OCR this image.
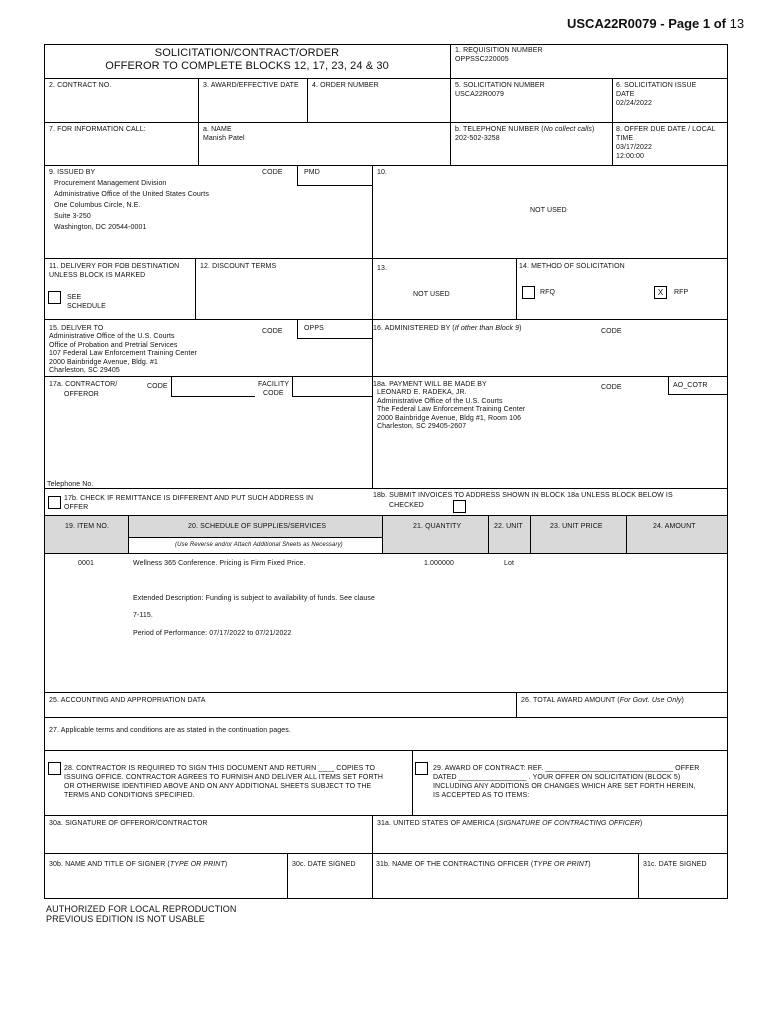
USCA22R0079 - Page 1 of 13
SOLICITATION/CONTRACT/ORDER
OFFEROR TO COMPLETE BLOCKS 12, 17, 23, 24 & 30
1. REQUISITION NUMBER
OPPSSC220005
2. CONTRACT NO.	3. AWARD/EFFECTIVE DATE 4. ORDER NUMBER	5. SOLICITATION NUMBER
USCA22R0079
6. SOLICITATION ISSUE
DATE
02/24/2022
7. FOR INFORMATION CALL:	a. NAME
Manish Patel
b. TELEPHONE NUMBER (No collect calls)
202-502-3258
8. OFFER DUE DATE / LOCAL
TIME
03/17/2022
12:00:00
9. ISSUED BY	CODE	PMD
Procurement Management Division
Administrative Office of the United States Courts
One Columbus Circle, N.E.
Suite 3-250
Washington, DC 20544-0001
10.
NOT USED
11. DELIVERY FOR FOB DESTINATION
UNLESS BLOCK IS MARKED
SEE
SCHEDULE
12. DISCOUNT TERMS	13.
NOT USED
14. METHOD OF SOLICITATION
RFQ	X	RFP
15. DELIVER TO	CODE	OPPS
Administrative Office of the U.S. Courts
Office of Probation and Pretrial Services
107 Federal Law Enforcement Training Center
2000 Bainbridge Avenue, Bldg. #1
Charleston, SC 29405
16. ADMINISTERED BY (If other than Block 9)	CODE
17a. CONTRACTOR/
OFFEROR
CODE	FACILITY
CODE
Telephone No.
17b. CHECK IF REMITTANCE IS DIFFERENT AND PUT SUCH ADDRESS IN
OFFER
18a. PAYMENT WILL BE MADE BY	CODE	AO_COTR
LEONARD E. RADEKA, JR.
Administrative Office of the U.S. Courts
The Federal Law Enforcement Training Center
2000 Bainbridge Avenue, Bldg #1, Room 106
Charleston, SC 29405-2607
18b. SUBMIT INVOICES TO ADDRESS SHOWN IN BLOCK 18a UNLESS BLOCK BELOW IS
CHECKED
19. ITEM NO.	20. SCHEDULE OF SUPPLIES/SERVICES
(Use Reverse and/or Attach Additional Sheets as Necessary)
21. QUANTITY	22. UNIT	23. UNIT PRICE	24. AMOUNT
0001	Wellness 365 Conference. Pricing is Firm Fixed Price.	1.000000	Lot
Extended Description: Funding is subject to availability of funds. See clause
7-115.
Period of Performance: 07/17/2022 to 07/21/2022
25. ACCOUNTING AND APPROPRIATION DATA	26. TOTAL AWARD AMOUNT (For Govt. Use Only)
27. Applicable terms and conditions are as stated in the continuation pages.
28. CONTRACTOR IS REQUIRED TO SIGN THIS DOCUMENT AND RETURN ____ COPIES TO
ISSUING OFFICE. CONTRACTOR AGREES TO FURNISH AND DELIVER ALL ITEMS SET FORTH
OR OTHERWISE IDENTIFIED ABOVE AND ON ANY ADDITIONAL SHEETS SUBJECT TO THE
TERMS AND CONDITIONS SPECIFIED.
29. AWARD OF CONTRACT: REF. ________________________________ OFFER
DATED _________________ . YOUR OFFER ON SOLICITATION (BLOCK 5)
INCLUDING ANY ADDITIONS OR CHANGES WHICH ARE SET FORTH HEREIN,
IS ACCEPTED AS TO ITEMS:
30a. SIGNATURE OF OFFEROR/CONTRACTOR	31a. UNITED STATES OF AMERICA (SIGNATURE OF CONTRACTING OFFICER)
30b. NAME AND TITLE OF SIGNER (TYPE OR PRINT)	30c. DATE SIGNED	31b. NAME OF THE CONTRACTING OFFICER (TYPE OR PRINT)	31c. DATE SIGNED
AUTHORIZED FOR LOCAL REPRODUCTION
PREVIOUS EDITION IS NOT USABLE
